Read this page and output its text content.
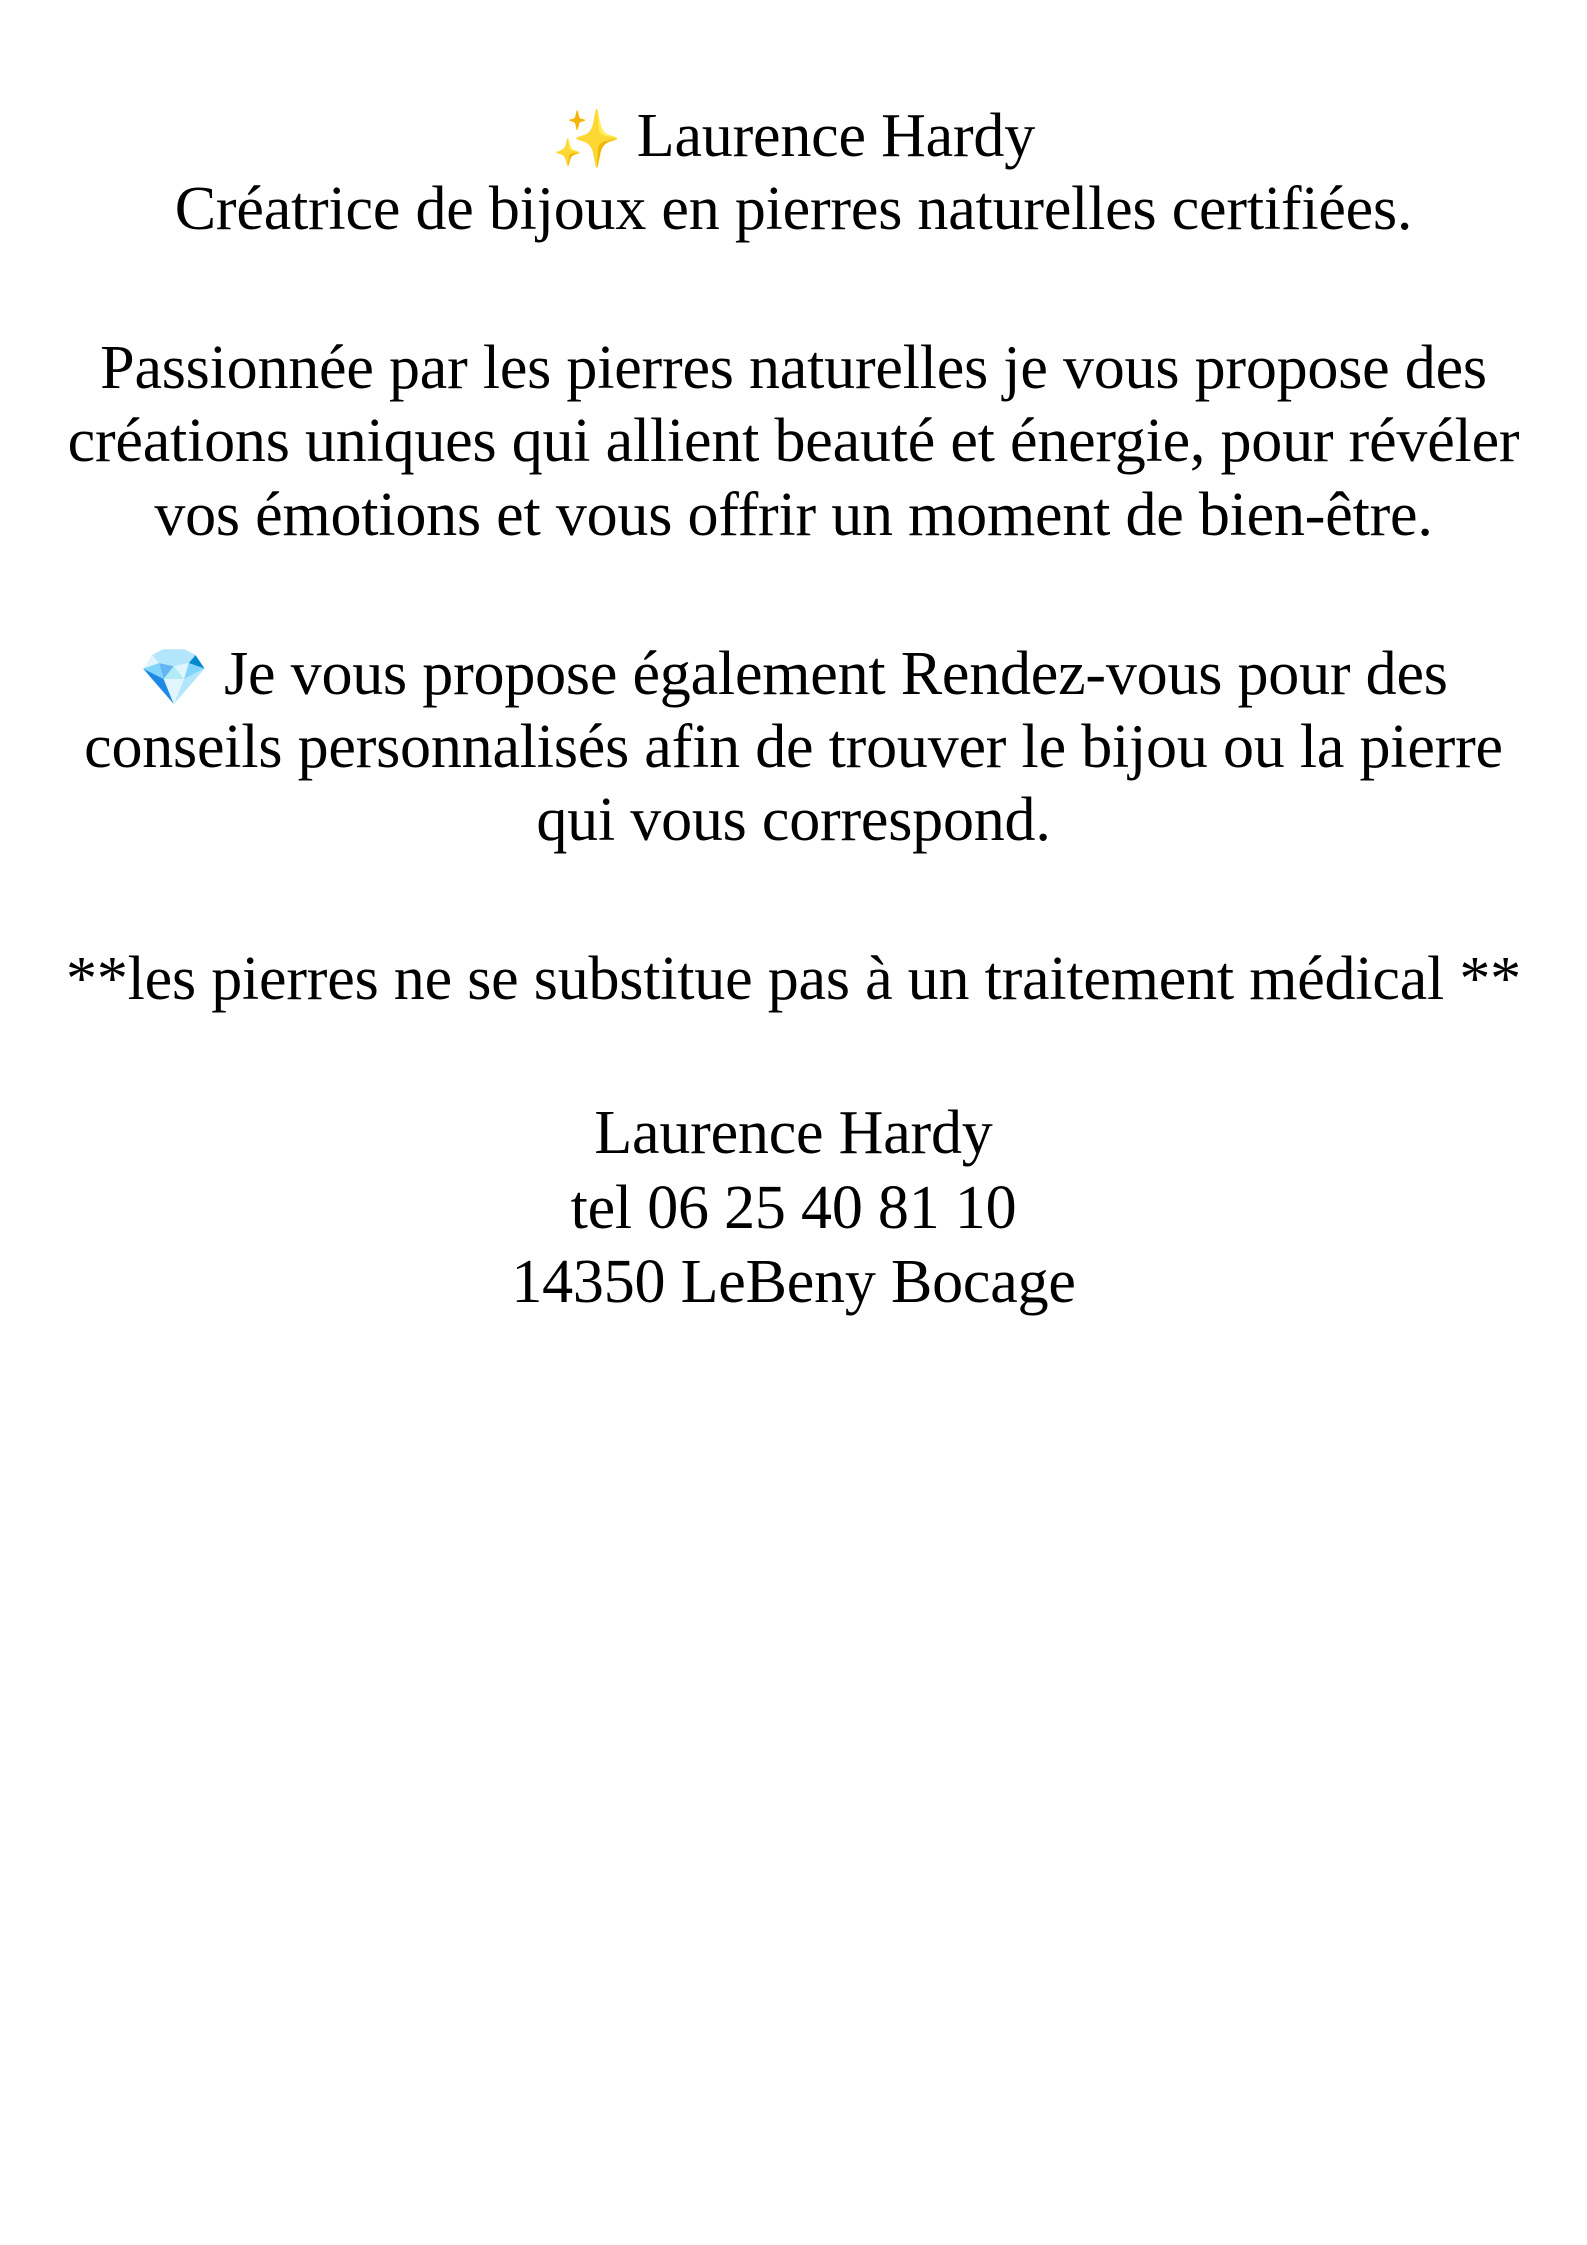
✨ Laurence Hardy
Créatrice de bijoux en pierres naturelles certifiées.

Passionnée par les pierres naturelles je vous propose des créations uniques qui allient beauté et énergie, pour révéler vos émotions et vous offrir un moment de bien-être.

💎 Je vous propose également Rendez-vous pour des conseils personnalisés afin de trouver le bijou ou la pierre qui vous correspond.

**les pierres ne se substitue pas à un traitement médical **

Laurence Hardy
tel 06 25 40 81 10
14350 LeBeny Bocage
